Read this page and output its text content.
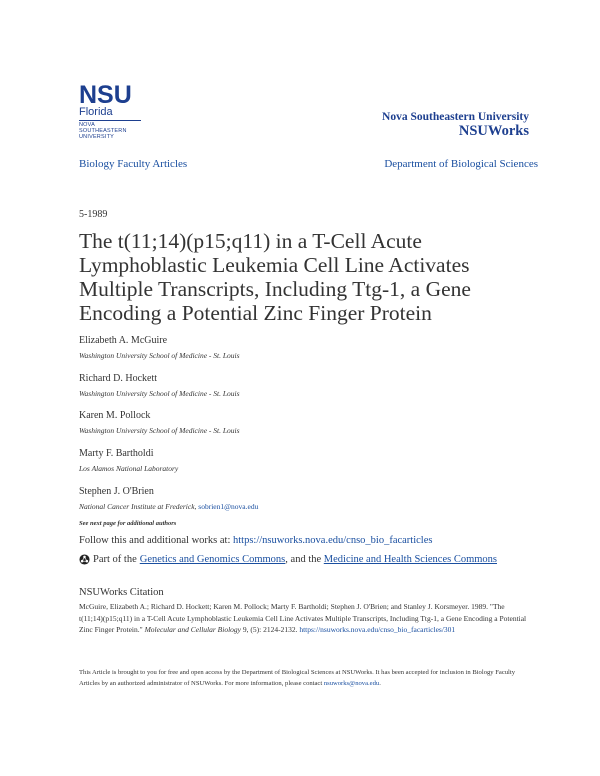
NSU
Florida
NOVA SOUTHEASTERN
UNIVERSITY
Nova Southeastern University
NSUWorks
Biology Faculty Articles	Department of Biological Sciences
5-1989
The t(11;14)(p15;q11) in a T-Cell Acute Lymphoblastic Leukemia Cell Line Activates Multiple Transcripts, Including Ttg-1, a Gene Encoding a Potential Zinc Finger Protein
Elizabeth A. McGuire
Washington University School of Medicine - St. Louis
Richard D. Hockett
Washington University School of Medicine - St. Louis
Karen M. Pollock
Washington University School of Medicine - St. Louis
Marty F. Bartholdi
Los Alamos National Laboratory
Stephen J. O'Brien
National Cancer Institute at Frederick, sobrien1@nova.edu
See next page for additional authors
Follow this and additional works at: https://nsuworks.nova.edu/cnso_bio_facarticles
Part of the Genetics and Genomics Commons , and the Medicine and Health Sciences Commons
NSUWorks Citation
McGuire, Elizabeth A.; Richard D. Hockett; Karen M. Pollock; Marty F. Bartholdi; Stephen J. O'Brien; and Stanley J. Korsmeyer. 1989. "The t(11;14)(p15;q11) in a T-Cell Acute Lymphoblastic Leukemia Cell Line Activates Multiple Transcripts, Including Ttg-1, a Gene Encoding a Potential Zinc Finger Protein." Molecular and Cellular Biology 9, (5): 2124-2132. https://nsuworks.nova.edu/cnso_bio_facarticles/301
This Article is brought to you for free and open access by the Department of Biological Sciences at NSUWorks. It has been accepted for inclusion in Biology Faculty Articles by an authorized administrator of NSUWorks. For more information, please contact nsuworks@nova.edu.
